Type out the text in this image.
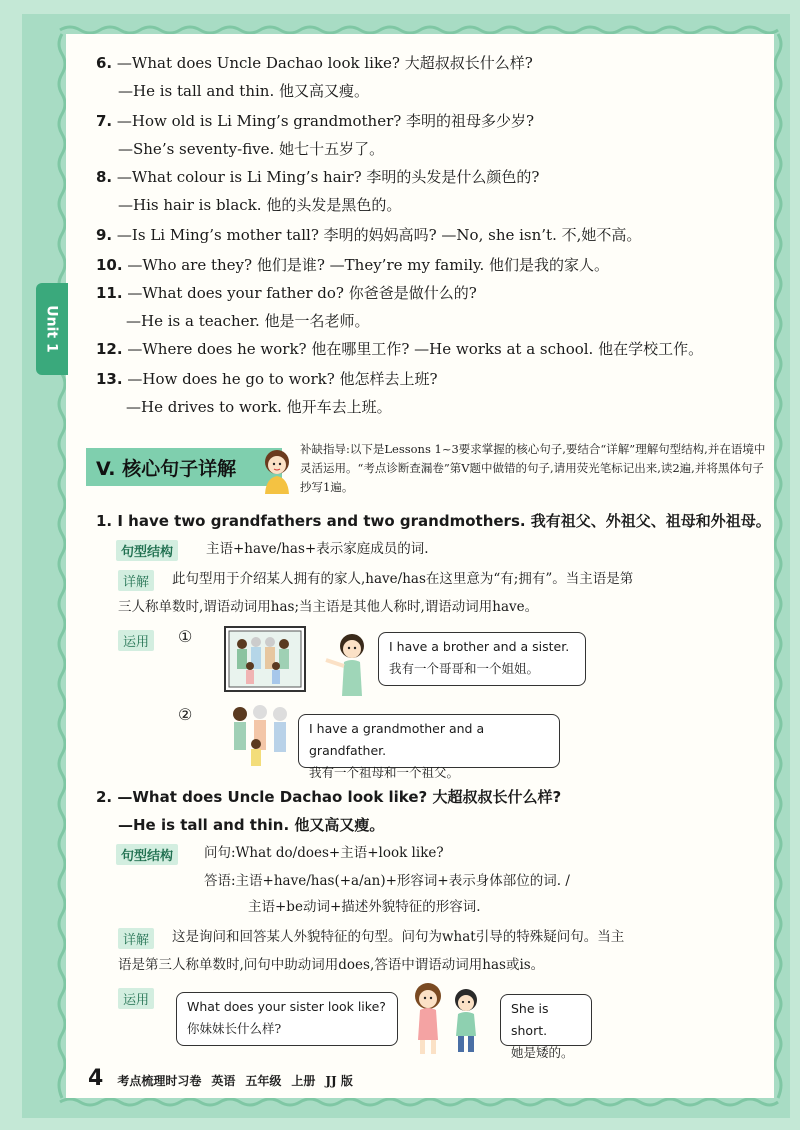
Unit 1
6. —What does Uncle Dachao look like? 大超叔叔长什么样?
—He is tall and thin. 他又高又瘦。
7. —How old is Li Ming’s grandmother? 李明的祖母多少岁?
—She’s seventy-five. 她七十五岁了。
8. —What colour is Li Ming’s hair? 李明的头发是什么颜色的?
—His hair is black. 他的头发是黑色的。
9. —Is Li Ming’s mother tall? 李明的妈妈高吗? —No, she isn’t. 不,她不高。
10. —Who are they? 他们是谁? —They’re my family. 他们是我的家人。
11. —What does your father do? 你爸爸是做什么的?
—He is a teacher. 他是一名老师。
12. —Where does he work? 他在哪里工作? —He works at a school. 他在学校工作。
13. —How does he go to work? 他怎样去上班?
—He drives to work. 他开车去上班。
V. 核心句子详解
补缺指导:以下是Lessons 1~3要求掌握的核心句子,要结合“详解”理解句型结构,并在语境中灵活运用。“考点诊断查漏卷”第V题中做错的句子,请用荧光笔标记出来,读2遍,并将黑体句子抄写1遍。
1. I have two grandfathers and two grandmothers. 我有祖父、外祖父、祖母和外祖母。
句型结构	主语+have/has+表示家庭成员的词.
详解	此句型用于介绍某人拥有的家人,have/has在这里意为“有;拥有”。当主语是第
三人称单数时,谓语动词用has;当主语是其他人称时,谓语动词用have。
运用	①
I have a brother and a sister.
我有一个哥哥和一个姐姐。
②
I have a grandmother and a grandfather.
我有一个祖母和一个祖父。
2. —What does Uncle Dachao look like? 大超叔叔长什么样?
—He is tall and thin. 他又高又瘦。
句型结构	问句:What do/does+主语+look like?
答语:主语+have/has(+a/an)+形容词+表示身体部位的词. /
主语+be动词+描述外貌特征的形容词.
详解	这是询问和回答某人外貌特征的句型。问句为what引导的特殊疑问句。当主
语是第三人称单数时,问句中助动词用does,答语中谓语动词用has或is。
运用	What does your sister look like?
你妹妹长什么样?
She is short.
她是矮的。
4 考点梳理时习卷 英语 五年级 上册 JJ 版
